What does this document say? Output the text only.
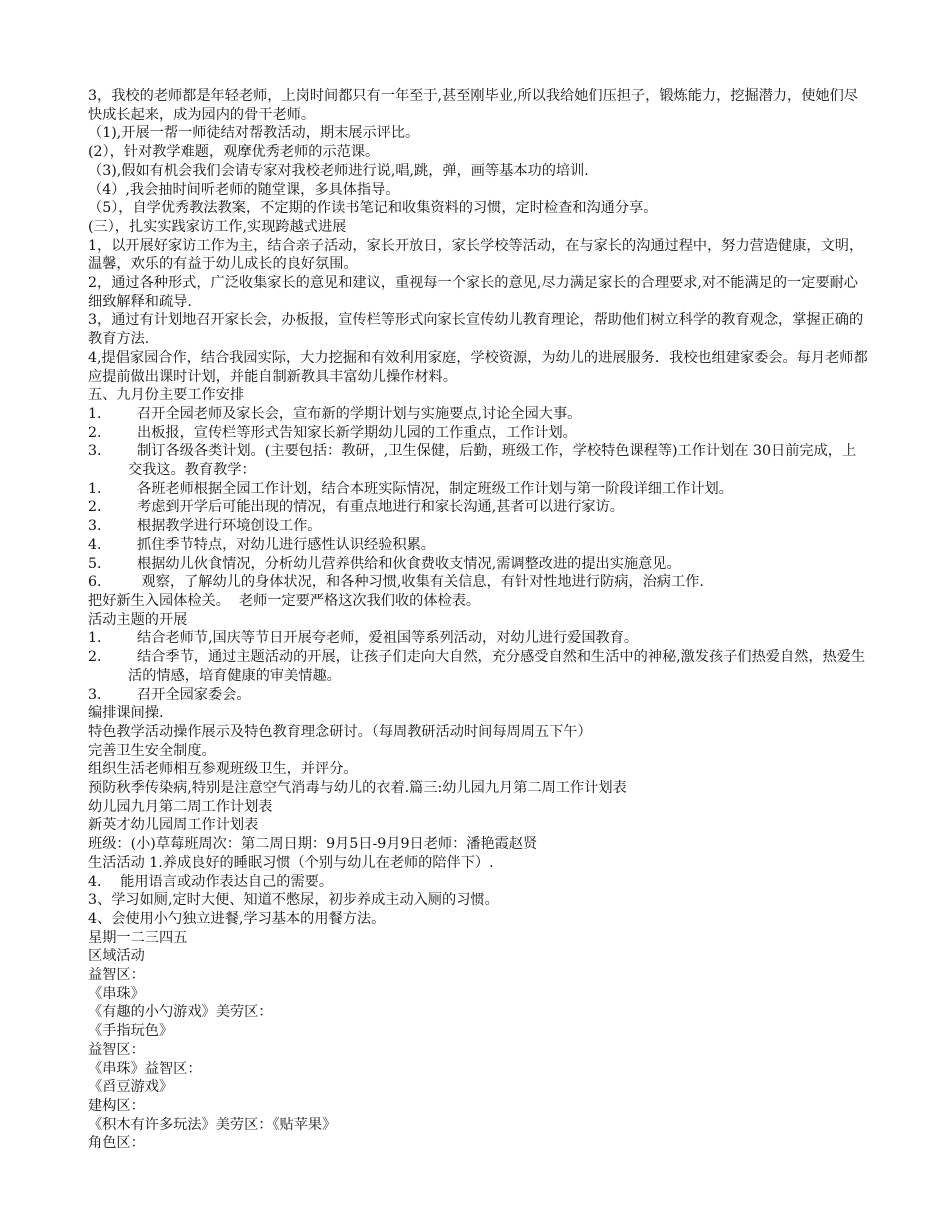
3，我校的老师都是年轻老师，上岗时间都只有一年至于,甚至刚毕业,所以我给她们压担子，锻炼能力，挖掘潜力，使她们尽快成长起来，成为园内的骨干老师。
（1),开展一帮一师徒结对帮教活动，期末展示评比。
(2），针对教学难题，观摩优秀老师的示范课。
（3),假如有机会我们会请专家对我校老师进行说,唱,跳，弹，画等基本功的培训.
（4）,我会抽时间听老师的随堂课，多具体指导。
（5），自学优秀教法教案，不定期的作读书笔记和收集资料的习惯，定时检查和沟通分享。
(三），扎实实践家访工作,实现跨越式进展
1，以开展好家访工作为主，结合亲子活动，家长开放日，家长学校等活动，在与家长的沟通过程中，努力营造健康，文明，温馨，欢乐的有益于幼儿成长的良好氛围。
2，通过各种形式，广泛收集家长的意见和建议，重视每一个家长的意见,尽力满足家长的合理要求,对不能满足的一定要耐心细致解释和疏导.
3，通过有计划地召开家长会，办板报，宣传栏等形式向家长宣传幼儿教育理论，帮助他们树立科学的教育观念，掌握正确的教育方法.
4,提倡家园合作，结合我园实际，大力挖掘和有效利用家庭，学校资源，为幼儿的进展服务．我校也组建家委会。每月老师都应提前做出课时计划，并能自制新教具丰富幼儿操作材料。
五、九月份主要工作安排
1．	召开全园老师及家长会，宣布新的学期计划与实施要点,讨论全园大事。
2．	出板报，宣传栏等形式告知家长新学期幼儿园的工作重点，工作计划。
3．	制订各级各类计划。(主要包括：教研，,卫生保健，后勤，班级工作，学校特色课程等)工作计划在 30日前完成，上交我这。教育教学：
1．	各班老师根据全园工作计划，结合本班实际情况，制定班级工作计划与第一阶段详细工作计划。
2．	考虑到开学后可能出现的情况，有重点地进行和家长沟通,甚者可以进行家访。
3．	根据教学进行环境创设工作。
4．	抓住季节特点，对幼儿进行感性认识经验积累。
5．	根据幼儿伙食情况，分析幼儿营养供给和伙食费收支情况,需调整改进的提出实施意见。
6．	观察，了解幼儿的身体状况，和各种习惯,收集有关信息，有针对性地进行防病，治病工作.
把好新生入园体检关。  老师一定要严格这次我们收的体检表。
活动主题的开展
1．	结合老师节,国庆等节日开展夸老师，爱祖国等系列活动，对幼儿进行爱国教育。
2．	结合季节，通过主题活动的开展，让孩子们走向大自然，充分感受自然和生活中的神秘,激发孩子们热爱自然，热爱生活的情感，培育健康的审美情趣。
3．	召开全园家委会。
编排课间操.
特色教学活动操作展示及特色教育理念研讨。（每周教研活动时间每周周五下午）
完善卫生安全制度。
组织生活老师相互参观班级卫生，并评分。
预防秋季传染病,特别是注意空气消毒与幼儿的衣着.篇三:幼儿园九月第二周工作计划表
幼儿园九月第二周工作计划表
新英才幼儿园周工作计划表
班级：(小)草莓班周次：第二周日期：9月5日-9月9日老师：潘艳霞赵贤
生活活动 1.养成良好的睡眠习惯（个别与幼儿在老师的陪伴下）.
4．  能用语言或动作表达自己的需要。
3、学习如厕,定时大便、知道不憋尿，初步养成主动入厕的习惯。
4、会使用小勺独立进餐,学习基本的用餐方法。
星期一二三四五
区域活动
益智区：
《串珠》
《有趣的小勺游戏》美劳区：
《手指玩色》
益智区：
《串珠》益智区：
《舀豆游戏》
建构区：
《积木有许多玩法》美劳区：《贴苹果》
角色区：
